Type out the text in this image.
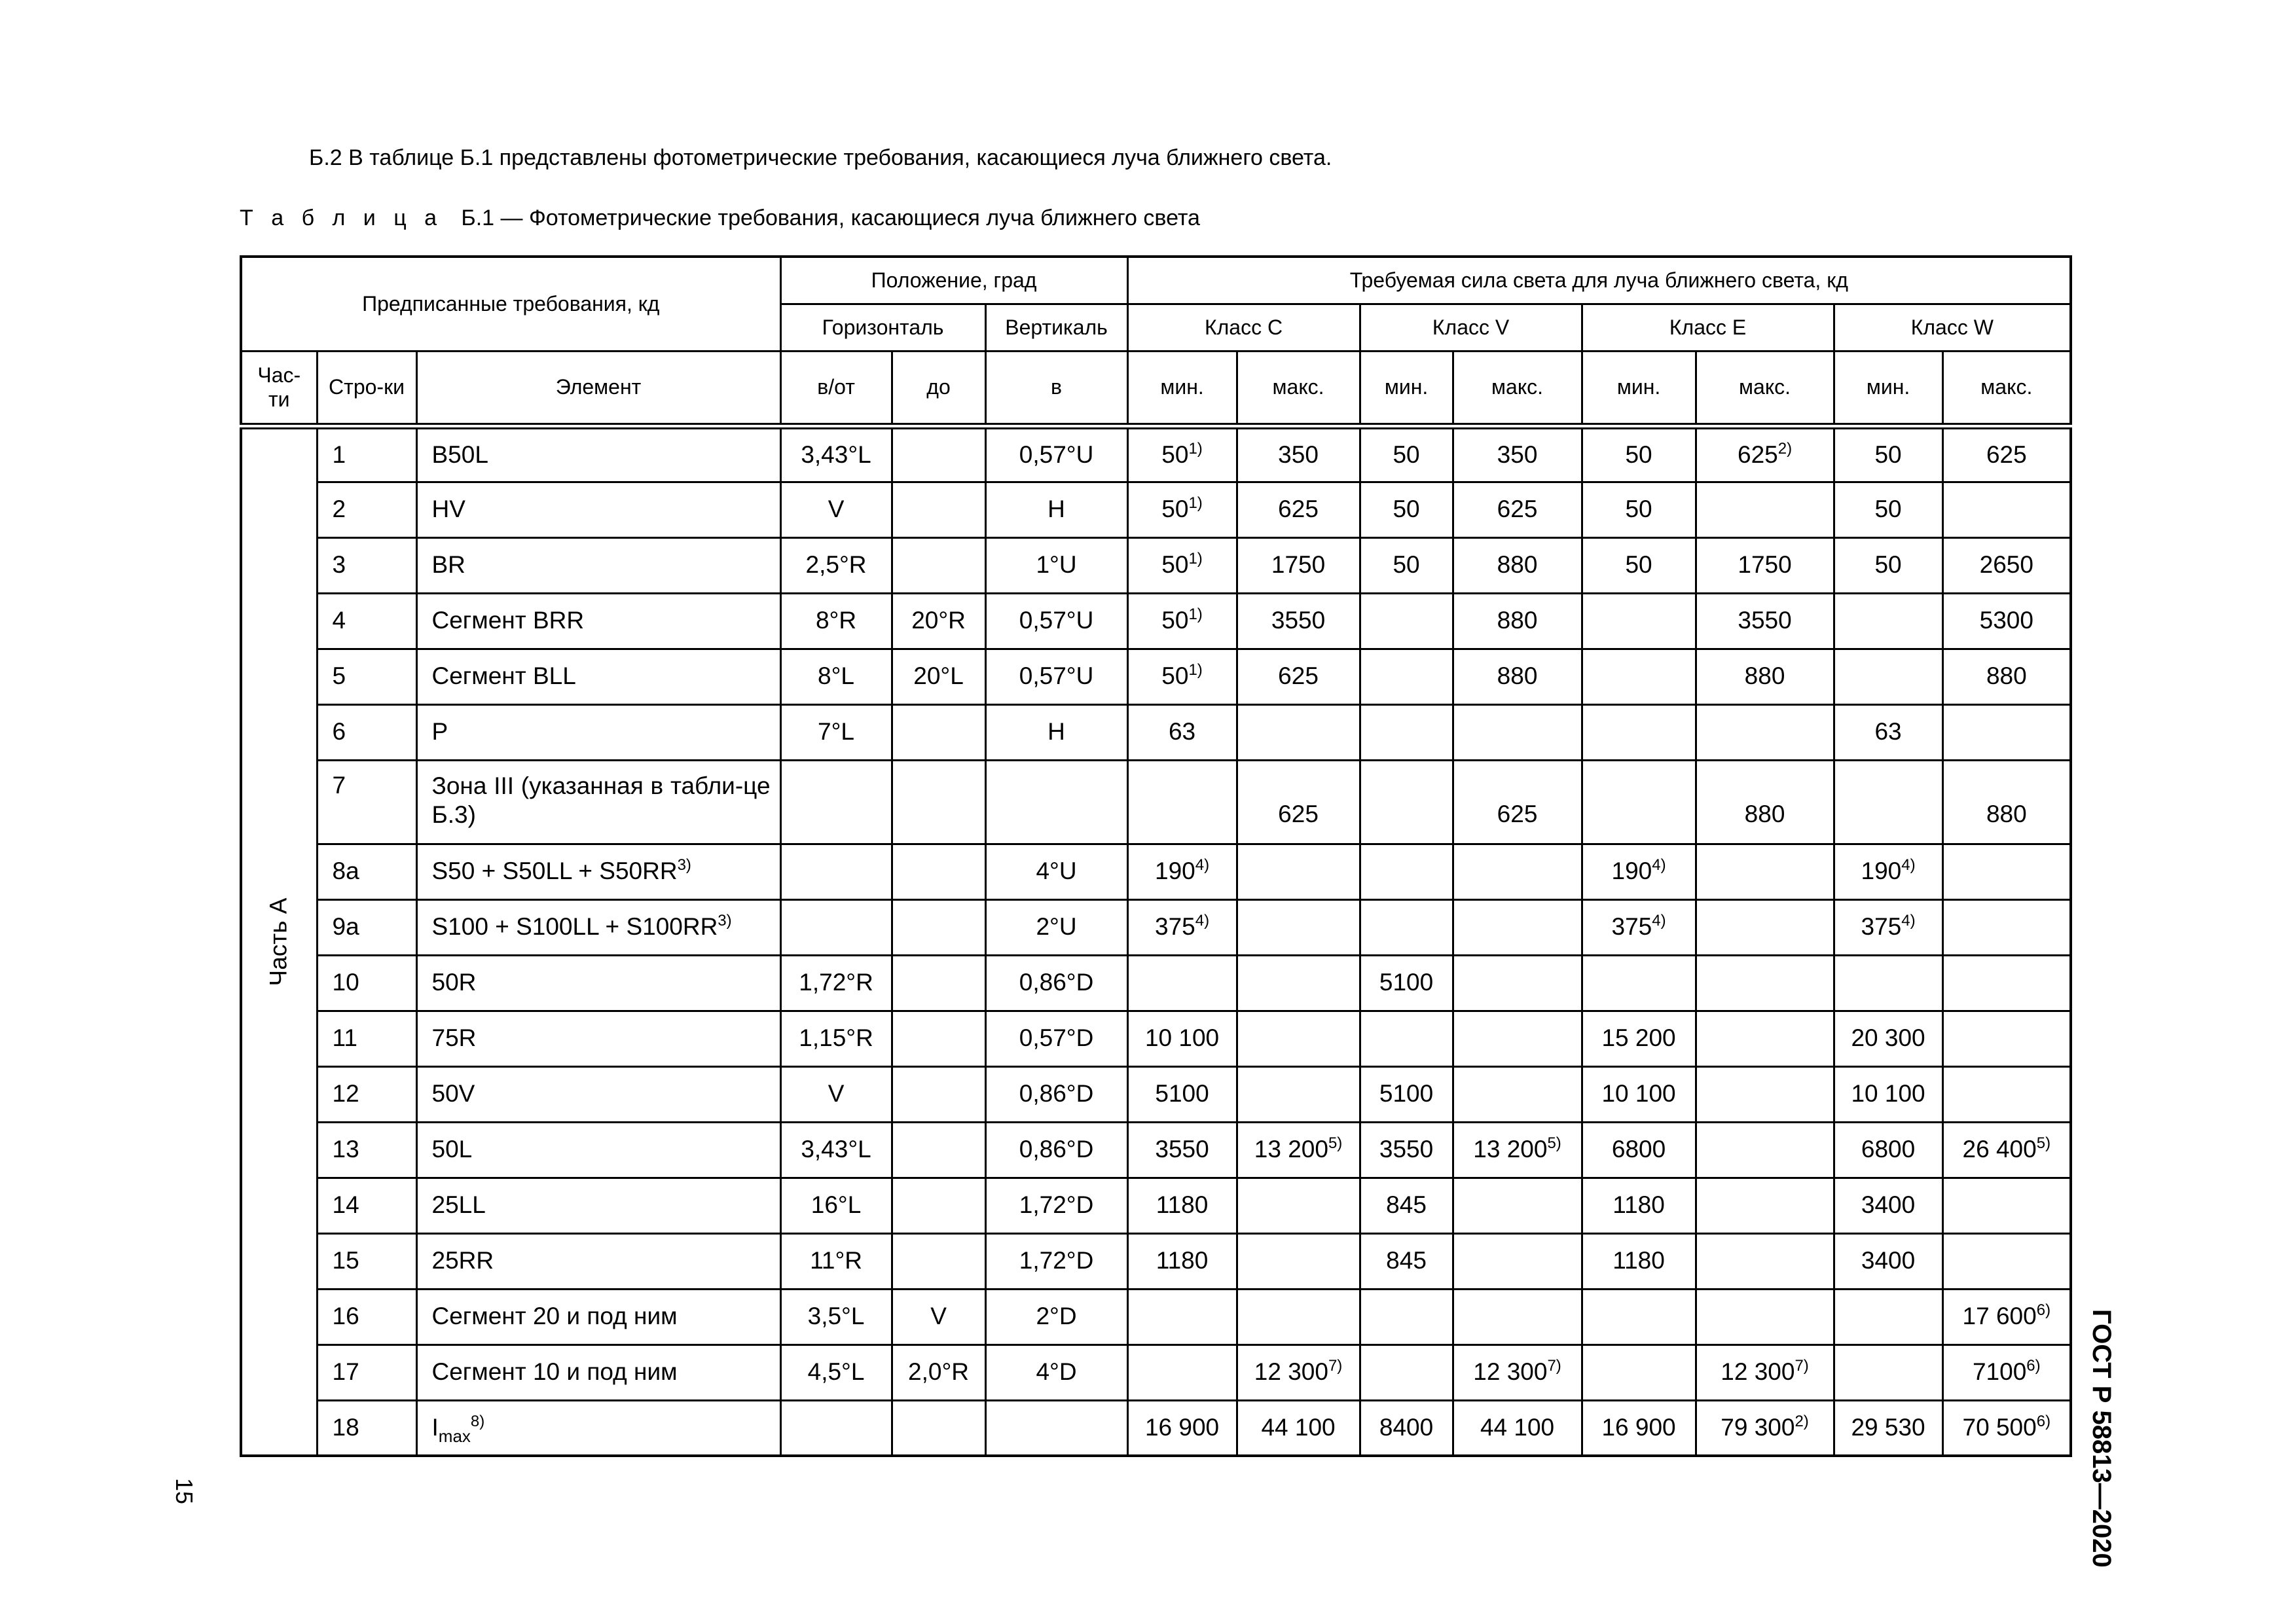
Б.2 В таблице Б.1 представлены фотометрические требования, касающиеся луча ближнего света.

Т а б л и ц а Б.1 — Фотометрические требования, касающиеся луча ближнего света

Предписанные требования, кд			Положение, град			Требуемая сила света для луча ближнего света, кд							
			Горизонталь		Вертикаль	Класс C		Класс V		Класс E		Класс W	
Час-ти	Стро-ки	Элемент	в/от	до	в	мин.	макс.	мин.	макс.	мин.	макс.	мин.	макс.

Часть А	1	B50L	3,43°L		0,57°U	50$^{1)}$	350	50	350	50	625$^{2)}$	50	625
	2	HV	V		H	50$^{1)}$	625	50	625	50		50	
	3	BR	2,5°R		1°U	50$^{1)}$	1750	50	880	50	1750	50	2650
	4	Сегмент BRR	8°R	20°R	0,57°U	50$^{1)}$	3550		880		3550		5300
	5	Сегмент BLL	8°L	20°L	0,57°U	50$^{1)}$	625		880		880		880
	6	P	7°L		H	63						63	
	7	Зона III (указанная в табли-це Б.3)					625		625		880		880
	8a	$S50 + S50LL + S50RR^{3)}$			4°U	190$^{4)}$				190$^{4)}$		190$^{4)}$	
	9a	$S100 + S100LL + S100RR^{3)}$			2°U	375$^{4)}$				375$^{4)}$		375$^{4)}$	
	10	50R	1,72°R		0,86°D			5100					
	11	75R	1,15°R		0,57°D	10 100				15 200		20 300	
	12	50V	V		0,86°D	5100		5100		10 100		10 100	
	13	50L	3,43°L		0,86°D	3550	13 200$^{5)}$	3550	13 200$^{5)}$	6800		6800	26 400$^{5)}$
	14	25LL	16°L		1,72°D	1180		845		1180		3400	
	15	25RR	11°R		1,72°D	1180		845		1180		3400	
	16	Сегмент 20 и под ним	3,5°L	V	2°D								17 600$^{6)}$
	17	Сегмент 10 и под ним	4,5°L	2,0°R	4°D		12 300$^{7)}$		12 300$^{7)}$		12 300$^{7)}$		7100$^{6)}$
	18	$I_{max}^{8)}$				16 900	44 100	8400	44 100	16 900	79 300$^{2)}$	29 530	70 500$^{6)}$ ГОСТ Р 58813—2020
15
